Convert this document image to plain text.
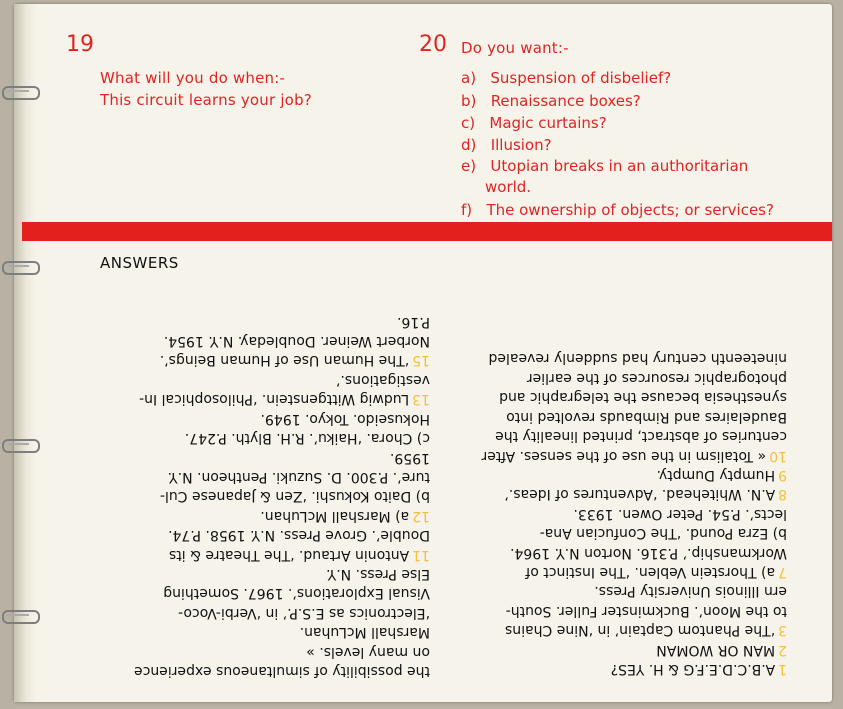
19
What will you do when:-
This circuit learns your job?
20 Do you want:-
a) Suspension of disbelief?
b) Renaissance boxes?
c) Magic curtains?
d) Illusion?
e) Utopian breaks in an authoritarian
world.
f) The ownership of objects; or services?
ANSWERS
1A.B.C.D.E.F.G & H. YES?
2MAN OR WOMAN
3‘The Phantom Captain’ in ‘Nine Chains
to the Moon’. Buckminster Fuller. South-
ern Illinois University Press.
7a) Thorstein Veblen. ‘The Instinct of
Workmanship.’ P.316. Norton N.Y. 1964.
b) Ezra Pound. ‘The Confucian Ana-
lects’. P.54. Peter Owen. 1933.
8A.N. Whitehead. ‘Adventures of Ideas.’
9Humpty Dumpty.
10« Totalism in the use of the senses. After
centuries of abstract, printed lineality the
Baudelaires and Rimbauds revolted into
synesthesia because the telegraphic and
photographic resources of the earlier
nineteenth century had suddenly revealed
the possibility of simultaneous experience
on many levels. »
Marshall McLuhan.
‘Electronics as E.S.P.’ in ‘Verbi-Voco-
Visual Explorations’. 1967. Something
Else Press. N.Y.
11Antonin Artaud. ‘The Theatre & its
Double’. Grove Press. N.Y. 1958. P.74.
12a) Marshall McLuhan.
b) Daito Kokushi. ‘Zen & Japanese Cul-
ture’. P.300. D. Suzuki. Pentheon. N.Y.
1959.
c) Chora. ‘Haiku’. R.H. Blyth. P.247.
Hokuseido. Tokyo. 1949.
13Ludwig Wittgenstein. ‘Philosophical In-
vestigations.’
15‘The Human Use of Human Beings’.
Norbert Weiner. Doubleday. N.Y. 1954.
P.16.
